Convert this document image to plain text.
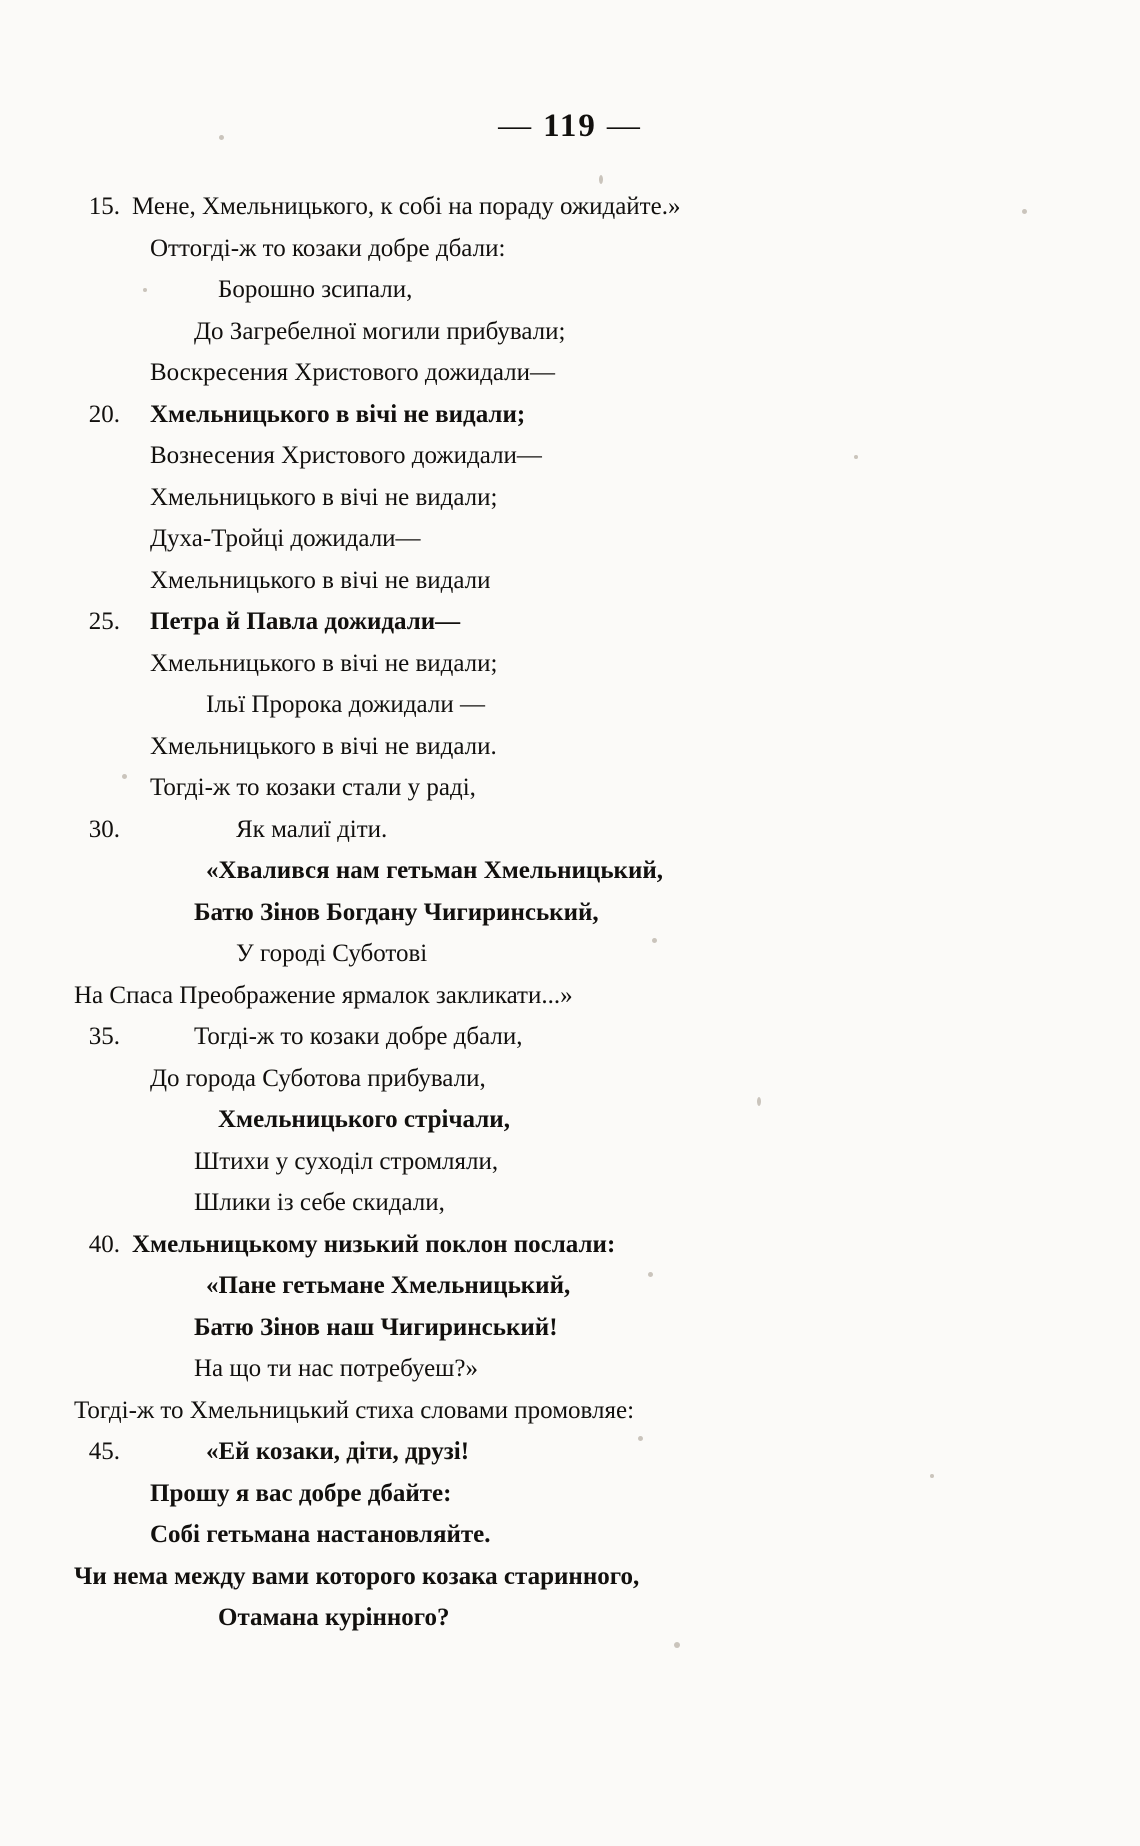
— 119 —
15. Мене, Хмельницького, к собі на пораду ожидайте.»
Оттогді-ж то козаки добре дбали:
Борошно зсипали,
До Загребелної могили прибували;
Воскресения Христового дожидали—
20.	Хмельницького в вічі не видали;
Вознесения Христового дожидали—
Хмельницького в вічі не видали;
Духа-Тройці дожидали—
Хмельницького в вічі не видали
25.	Петра й Павла дожидали—
Хмельницького в вічі не видали;
Ільї Пророка дожидали —
Хмельницького в вічі не видали.
Тогді-ж то козаки стали у раді,
30.	Як малиї діти.
«Хвалився нам гетьман Хмельницький,
Батю Зінов Богдану Чигиринський,
У городі Суботові
На Спаса Преображение ярмалок закликати...»
35.	Тогді-ж то козаки добре дбали,
До города Суботова прибували,
Хмельницького стрічали,
Штихи у суходіл стромляли,
Шлики із себе скидали,
40. Хмельницькому низький поклон послали:
«Пане гетьмане Хмельницький,
Батю Зінов наш Чигиринський!
На що ти нас потребуеш?»
Тогді-ж то Хмельницький стиха словами промовляе:
45.	«Ей козаки, діти, друзі!
Прошу я вас добре дбайте:
Собі гетьмана настановляйте.
Чи нема между вами которого козака старинного,
Отамана курінного?
